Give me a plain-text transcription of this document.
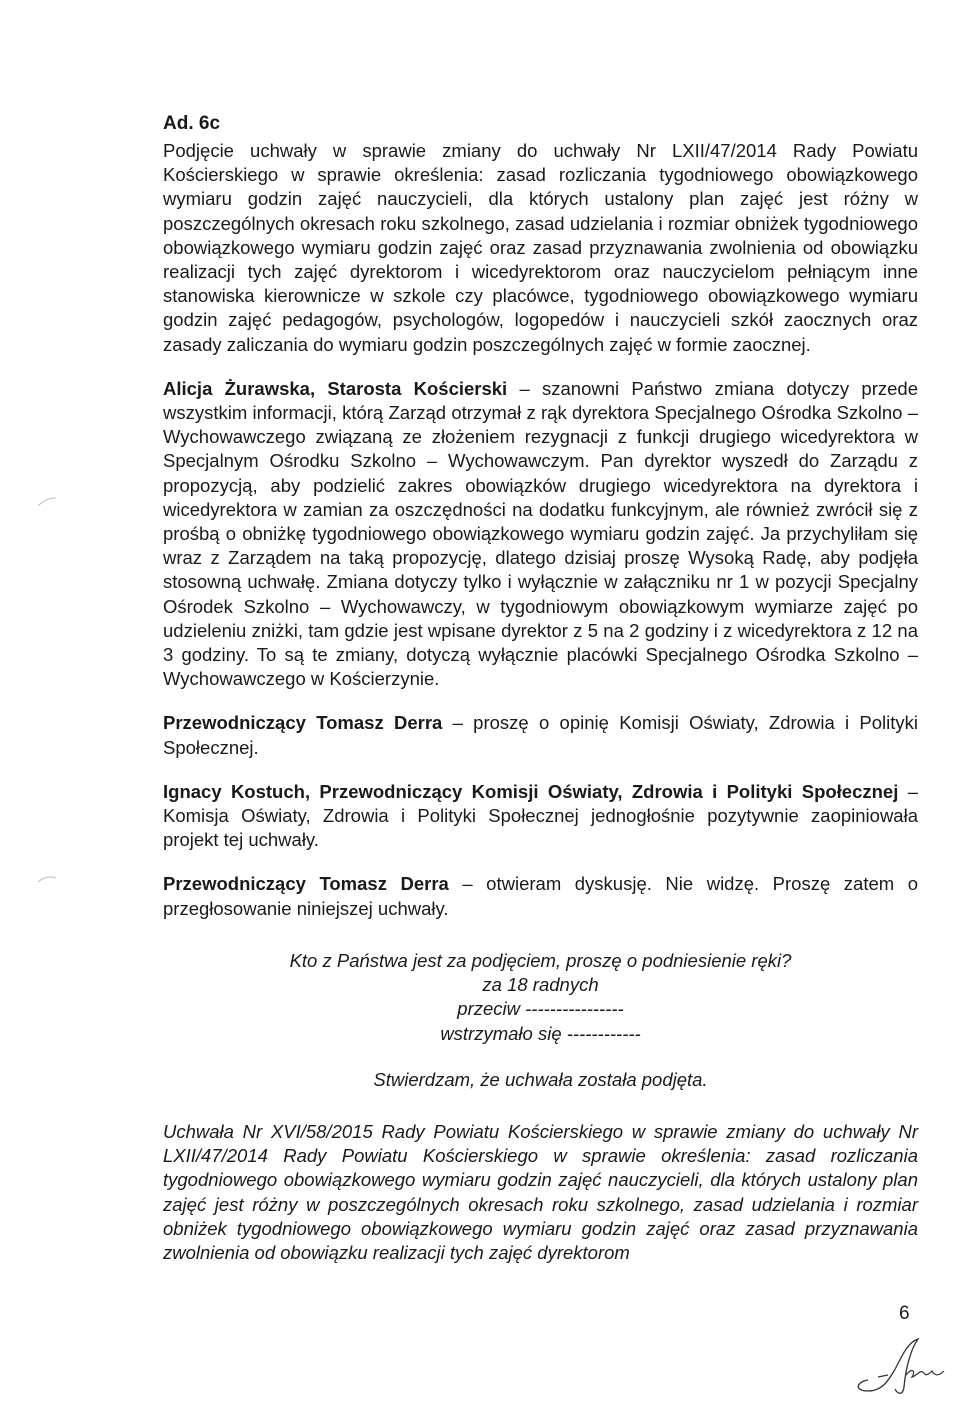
Ad. 6c

Podjęcie uchwały w sprawie zmiany do uchwały Nr LXII/47/2014 Rady Powiatu Kościerskiego w sprawie określenia: zasad rozliczania tygodniowego obowiązkowego wymiaru godzin zajęć nauczycieli, dla których ustalony plan zajęć jest różny w poszczególnych okresach roku szkolnego, zasad udzielania i rozmiar obniżek tygodniowego obowiązkowego wymiaru godzin zajęć oraz zasad przyznawania zwolnienia od obowiązku realizacji tych zajęć dyrektorom i wicedyrektorom oraz nauczycielom pełniącym inne stanowiska kierownicze w szkole czy placówce, tygodniowego obowiązkowego wymiaru godzin zajęć pedagogów, psychologów, logopedów i nauczycieli szkół zaocznych oraz zasady zaliczania do wymiaru godzin poszczególnych zajęć w formie zaocznej.

Alicja Żurawska, Starosta Kościerski – szanowni Państwo zmiana dotyczy przede wszystkim informacji, którą Zarząd otrzymał z rąk dyrektora Specjalnego Ośrodka Szkolno – Wychowawczego związaną ze złożeniem rezygnacji z funkcji drugiego wicedyrektora w Specjalnym Ośrodku Szkolno – Wychowawczym. Pan dyrektor wyszedł do Zarządu z propozycją, aby podzielić zakres obowiązków drugiego wicedyrektora na dyrektora i wicedyrektora w zamian za oszczędności na dodatku funkcyjnym, ale również zwrócił się z prośbą o obniżkę tygodniowego obowiązkowego wymiaru godzin zajęć. Ja przychyliłam się wraz z Zarządem na taką propozycję, dlatego dzisiaj proszę Wysoką Radę, aby podjęła stosowną uchwałę. Zmiana dotyczy tylko i wyłącznie w załączniku nr 1 w pozycji Specjalny Ośrodek Szkolno – Wychowawczy, w tygodniowym obowiązkowym wymiarze zajęć po udzieleniu zniżki, tam gdzie jest wpisane dyrektor z 5 na 2 godziny i z wicedyrektora z 12 na 3 godziny. To są te zmiany, dotyczą wyłącznie placówki Specjalnego Ośrodka Szkolno – Wychowawczego w Kościerzynie.

Przewodniczący Tomasz Derra – proszę o opinię Komisji Oświaty, Zdrowia i Polityki Społecznej.

Ignacy Kostuch, Przewodniczący Komisji Oświaty, Zdrowia i Polityki Społecznej – Komisja Oświaty, Zdrowia i Polityki Społecznej jednogłośnie pozytywnie zaopiniowała projekt tej uchwały.

Przewodniczący Tomasz Derra – otwieram dyskusję. Nie widzę. Proszę zatem o przegłosowanie niniejszej uchwały.

Kto z Państwa jest za podjęciem, proszę o podniesienie ręki?
za 18 radnych
przeciw ----------------
wstrzymało się ------------
Stwierdzam, że uchwała została podjęta.

Uchwała Nr XVI/58/2015 Rady Powiatu Kościerskiego w sprawie zmiany do uchwały Nr LXII/47/2014 Rady Powiatu Kościerskiego w sprawie określenia: zasad rozliczania tygodniowego obowiązkowego wymiaru godzin zajęć nauczycieli, dla których ustalony plan zajęć jest różny w poszczególnych okresach roku szkolnego, zasad udzielania i rozmiar obniżek tygodniowego obowiązkowego wymiaru godzin zajęć oraz zasad przyznawania zwolnienia od obowiązku realizacji tych zajęć dyrektorom

6
